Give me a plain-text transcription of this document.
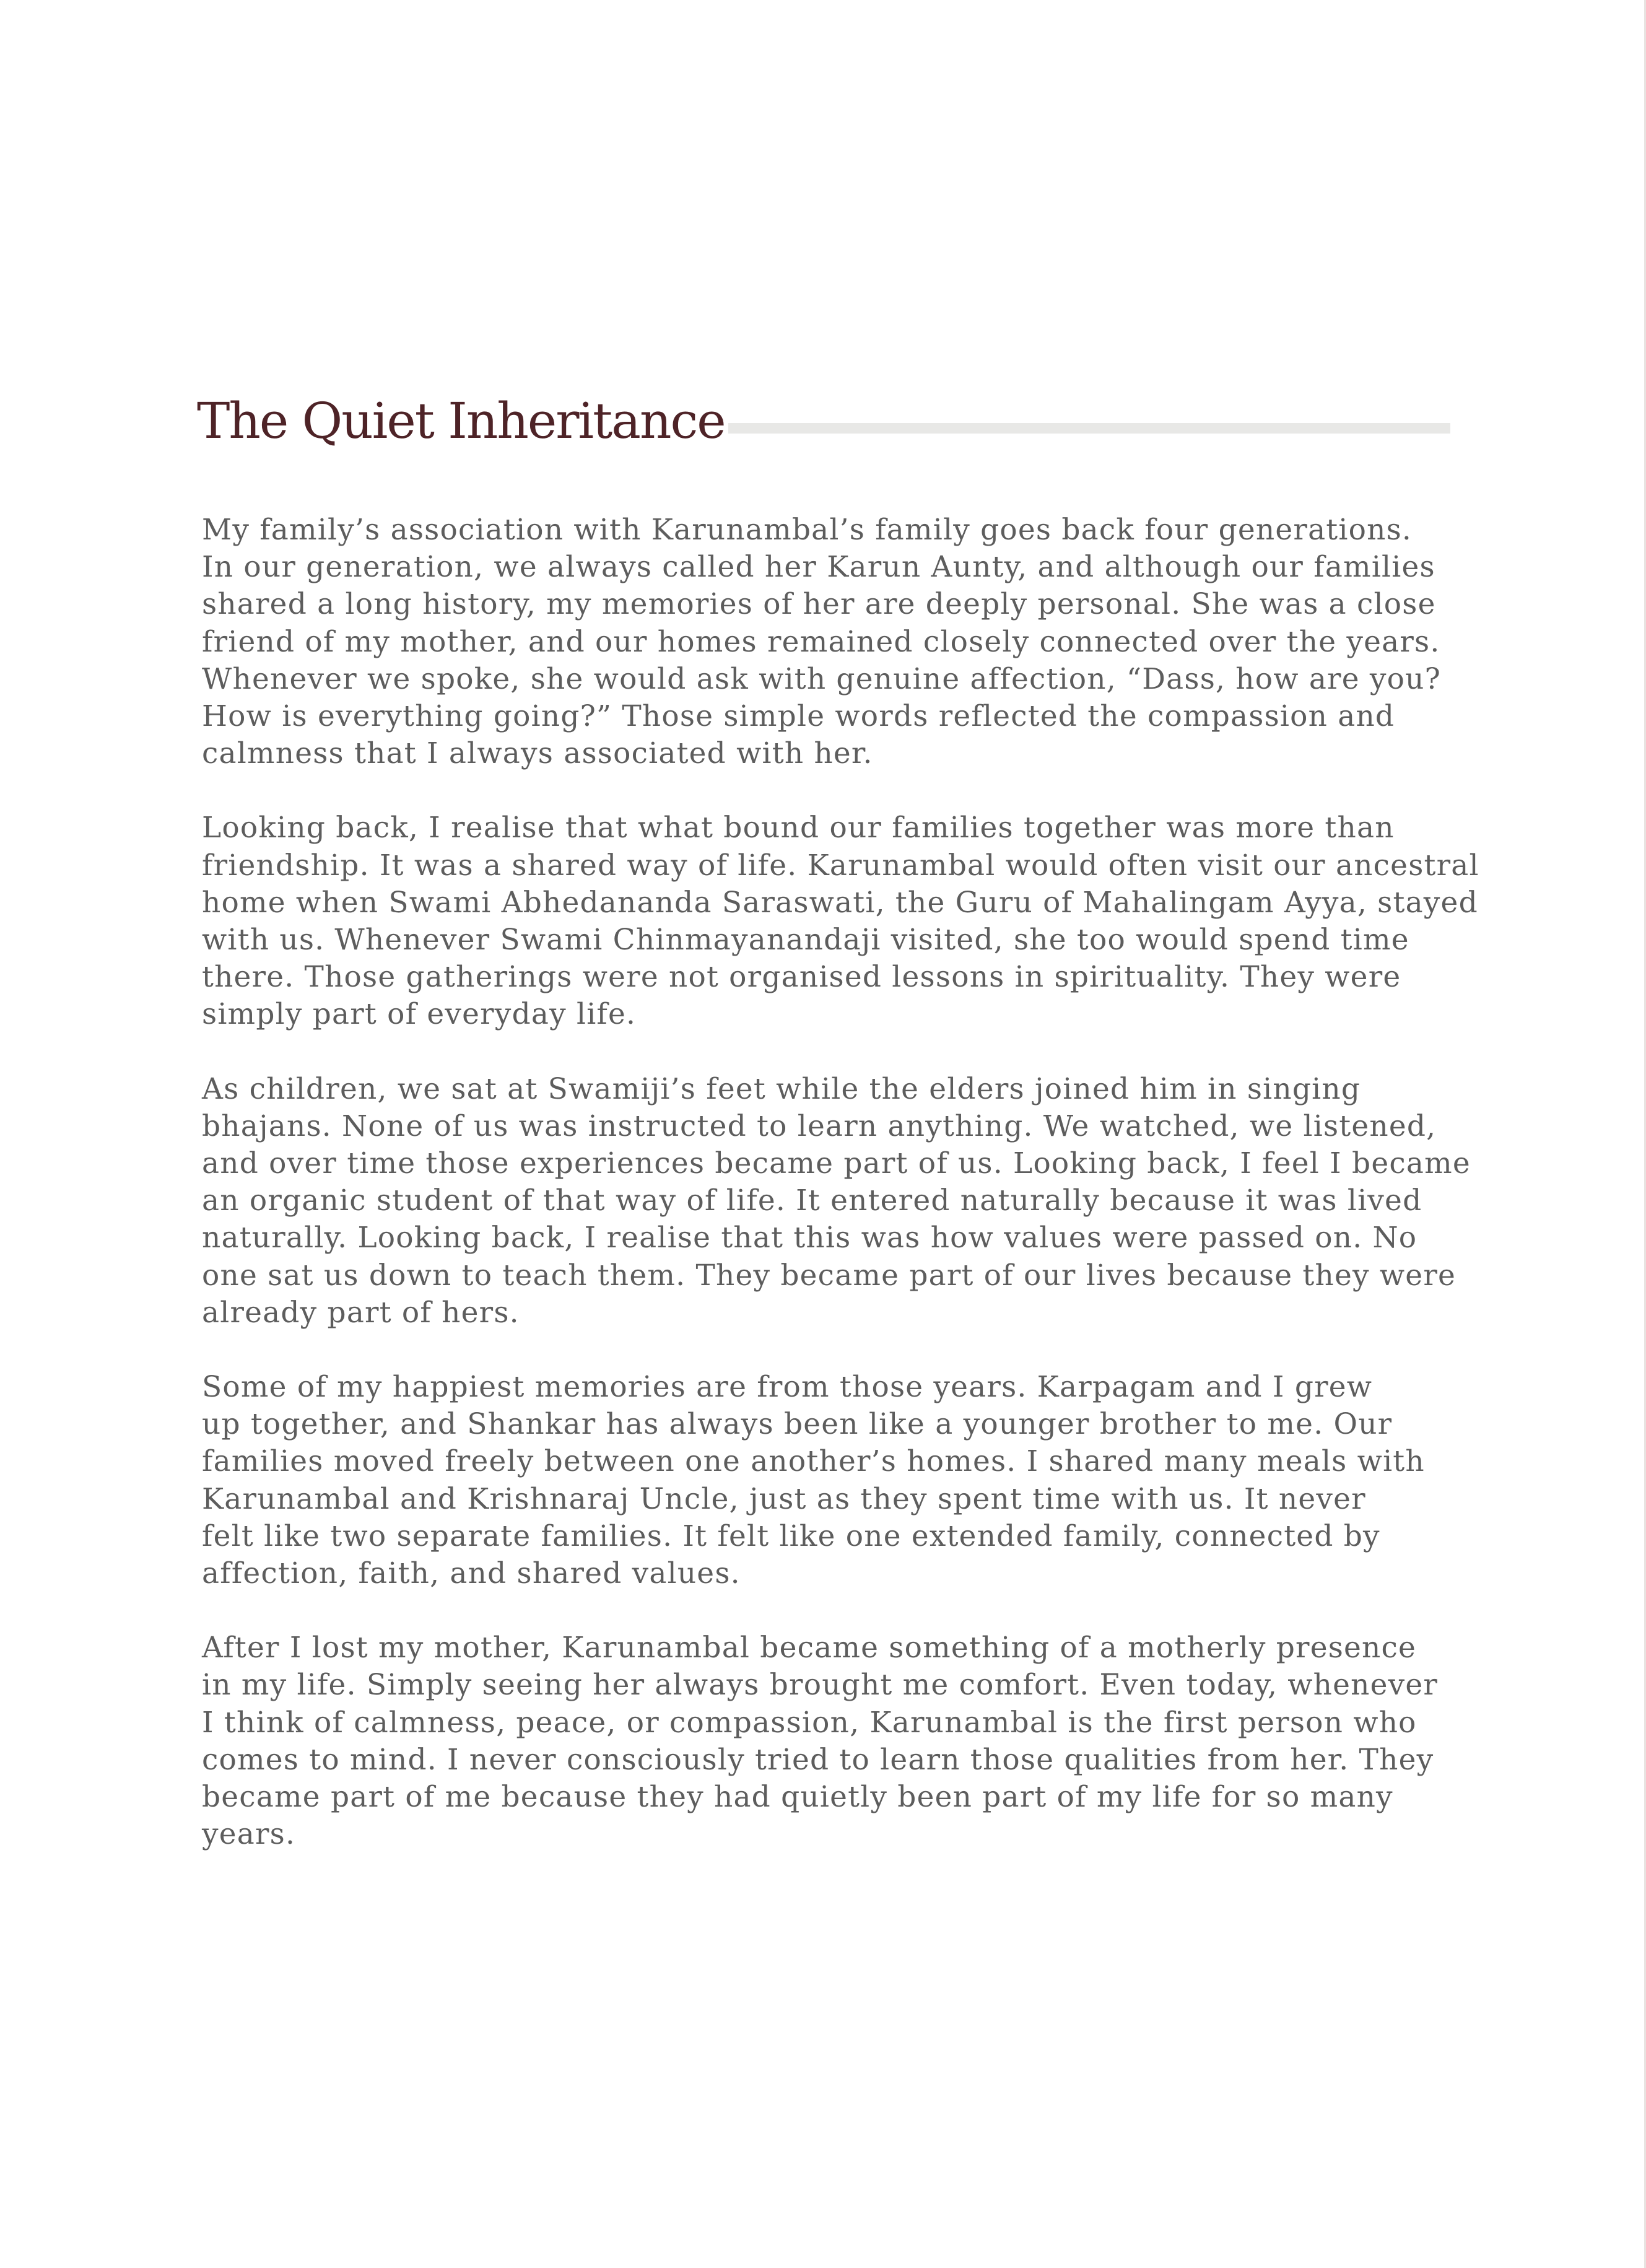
The Quiet Inheritance

My family’s association with Karunambal’s family goes back four generations.
In our generation, we always called her Karun Aunty, and although our families
shared a long history, my memories of her are deeply personal. She was a close
friend of my mother, and our homes remained closely connected over the years.
Whenever we spoke, she would ask with genuine affection, “Dass, how are you?
How is everything going?” Those simple words reflected the compassion and
calmness that I always associated with her.

Looking back, I realise that what bound our families together was more than
friendship. It was a shared way of life. Karunambal would often visit our ancestral
home when Swami Abhedananda Saraswati, the Guru of Mahalingam Ayya, stayed
with us. Whenever Swami Chinmayanandaji visited, she too would spend time
there. Those gatherings were not organised lessons in spirituality. They were
simply part of everyday life.

As children, we sat at Swamiji’s feet while the elders joined him in singing
bhajans. None of us was instructed to learn anything. We watched, we listened,
and over time those experiences became part of us. Looking back, I feel I became
an organic student of that way of life. It entered naturally because it was lived
naturally. Looking back, I realise that this was how values were passed on. No
one sat us down to teach them. They became part of our lives because they were
already part of hers.

Some of my happiest memories are from those years. Karpagam and I grew
up together, and Shankar has always been like a younger brother to me. Our
families moved freely between one another’s homes. I shared many meals with
Karunambal and Krishnaraj Uncle, just as they spent time with us. It never
felt like two separate families. It felt like one extended family, connected by
affection, faith, and shared values.

After I lost my mother, Karunambal became something of a motherly presence
in my life. Simply seeing her always brought me comfort. Even today, whenever
I think of calmness, peace, or compassion, Karunambal is the first person who
comes to mind. I never consciously tried to learn those qualities from her. They
became part of me because they had quietly been part of my life for so many
years.
